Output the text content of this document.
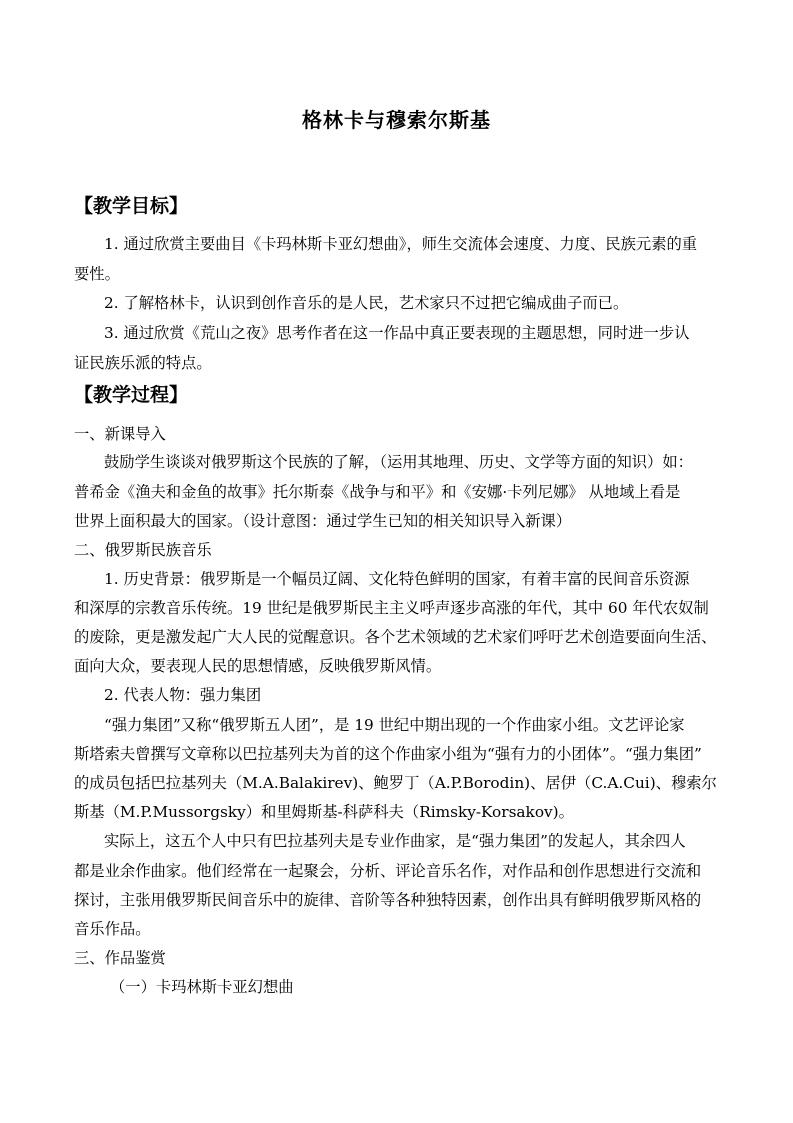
格林卡与穆索尔斯基
【教学目标】
1. 通过欣赏主要曲目《卡玛林斯卡亚幻想曲》，师生交流体会速度、力度、民族元素的重
要性。
2. 了解格林卡，认识到创作音乐的是人民，艺术家只不过把它编成曲子而已。
3. 通过欣赏《荒山之夜》思考作者在这一作品中真正要表现的主题思想，同时进一步认
证民族乐派的特点。
【教学过程】
一、新课导入
鼓励学生谈谈对俄罗斯这个民族的了解，（运用其地理、历史、文学等方面的知识）如：
普希金《渔夫和金鱼的故事》托尔斯泰《战争与和平》和《安娜·卡列尼娜》 从地域上看是
世界上面积最大的国家。（设计意图：通过学生已知的相关知识导入新课）
二、俄罗斯民族音乐
1. 历史背景：俄罗斯是一个幅员辽阔、文化特色鲜明的国家，有着丰富的民间音乐资源
和深厚的宗教音乐传统。19 世纪是俄罗斯民主主义呼声逐步高涨的年代，其中 60 年代农奴制
的废除，更是激发起广大人民的觉醒意识。各个艺术领域的艺术家们呼吁艺术创造要面向生活、
面向大众，要表现人民的思想情感，反映俄罗斯风情。
2. 代表人物：强力集团
“强力集团”又称“俄罗斯五人团”，是 19 世纪中期出现的一个作曲家小组。文艺评论家
斯塔索夫曾撰写文章称以巴拉基列夫为首的这个作曲家小组为“强有力的小团体”。“强力集团”
的成员包括巴拉基列夫（M.A.Balakirev)、鲍罗丁（A.P.Borodin)、居伊（C.A.Cui)、穆索尔
斯基（M.P.Mussorgsky）和里姆斯基-科萨科夫（Rimsky-Korsakov)。
实际上，这五个人中只有巴拉基列夫是专业作曲家，是“强力集团”的发起人，其余四人
都是业余作曲家。他们经常在一起聚会，分析、评论音乐名作，对作品和创作思想进行交流和
探讨，主张用俄罗斯民间音乐中的旋律、音阶等各种独特因素，创作出具有鲜明俄罗斯风格的
音乐作品。
三、作品鉴赏
（一）卡玛林斯卡亚幻想曲
